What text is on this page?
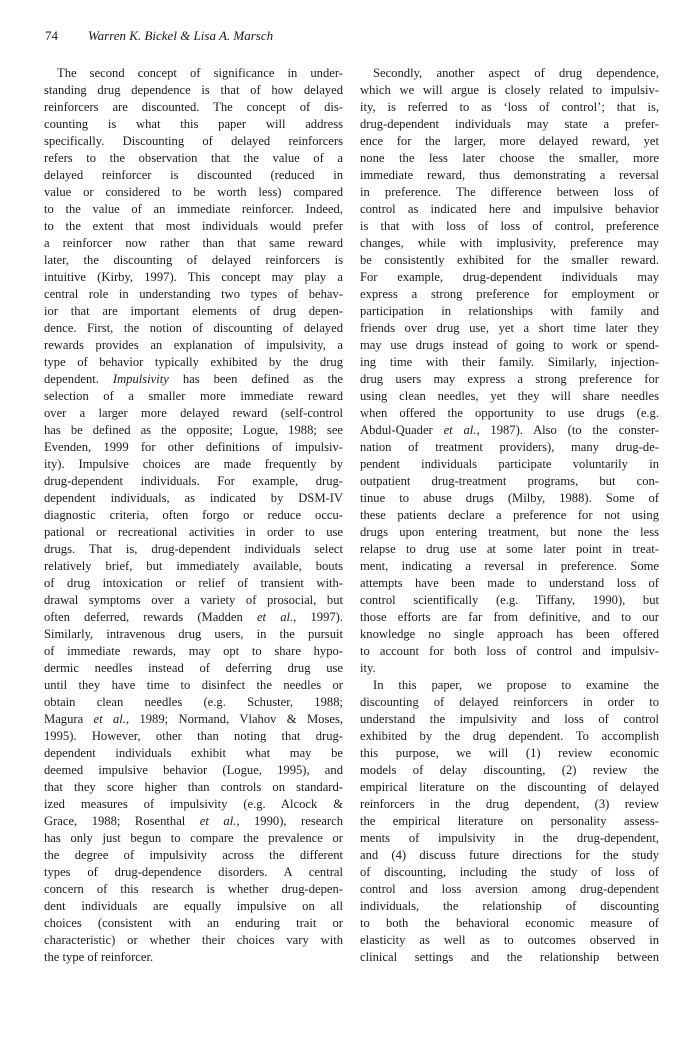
74 Warren K. Bickel & Lisa A. Marsch
The second concept of significance in under-
standing drug dependence is that of how delayed
reinforcers are discounted. The concept of dis-
counting is what this paper will address
specifically. Discounting of delayed reinforcers
refers to the observation that the value of a
delayed reinforcer is discounted (reduced in
value or considered to be worth less) compared
to the value of an immediate reinforcer. Indeed,
to the extent that most individuals would prefer
a reinforcer now rather than that same reward
later, the discounting of delayed reinforcers is
intuitive (Kirby, 1997). This concept may play a
central role in understanding two types of behav-
ior that are important elements of drug depen-
dence. First, the notion of discounting of delayed
rewards provides an explanation of impulsivity, a
type of behavior typically exhibited by the drug
dependent. Impulsivity has been defined as the
selection of a smaller more immediate reward
over a larger more delayed reward (self-control
has be defined as the opposite; Logue, 1988; see
Evenden, 1999 for other definitions of impulsiv-
ity). Impulsive choices are made frequently by
drug-dependent individuals. For example, drug-
dependent individuals, as indicated by DSM-IV
diagnostic criteria, often forgo or reduce occu-
pational or recreational activities in order to use
drugs. That is, drug-dependent individuals select
relatively brief, but immediately available, bouts
of drug intoxication or relief of transient with-
drawal symptoms over a variety of prosocial, but
often deferred, rewards (Madden et al., 1997).
Similarly, intravenous drug users, in the pursuit
of immediate rewards, may opt to share hypo-
dermic needles instead of deferring drug use
until they have time to disinfect the needles or
obtain clean needles (e.g. Schuster, 1988;
Magura et al., 1989; Normand, Vlahov & Moses,
1995). However, other than noting that drug-
dependent individuals exhibit what may be
deemed impulsive behavior (Logue, 1995), and
that they score higher than controls on standard-
ized measures of impulsivity (e.g. Alcock &
Grace, 1988; Rosenthal et al., 1990), research
has only just begun to compare the prevalence or
the degree of impulsivity across the different
types of drug-dependence disorders. A central
concern of this research is whether drug-depen-
dent individuals are equally impulsive on all
choices (consistent with an enduring trait or
characteristic) or whether their choices vary with
the type of reinforcer.
Secondly, another aspect of drug dependence,
which we will argue is closely related to impulsiv-
ity, is referred to as ‘loss of control’; that is,
drug-dependent individuals may state a prefer-
ence for the larger, more delayed reward, yet
none the less later choose the smaller, more
immediate reward, thus demonstrating a reversal
in preference. The difference between loss of
control as indicated here and impulsive behavior
is that with loss of loss of control, preference
changes, while with implusivity, preference may
be consistently exhibited for the smaller reward.
For example, drug-dependent individuals may
express a strong preference for employment or
participation in relationships with family and
friends over drug use, yet a short time later they
may use drugs instead of going to work or spend-
ing time with their family. Similarly, injection-
drug users may express a strong preference for
using clean needles, yet they will share needles
when offered the opportunity to use drugs (e.g.
Abdul-Quader et al., 1987). Also (to the conster-
nation of treatment providers), many drug-de-
pendent individuals participate voluntarily in
outpatient drug-treatment programs, but con-
tinue to abuse drugs (Milby, 1988). Some of
these patients declare a preference for not using
drugs upon entering treatment, but none the less
relapse to drug use at some later point in treat-
ment, indicating a reversal in preference. Some
attempts have been made to understand loss of
control scientifically (e.g. Tiffany, 1990), but
those efforts are far from definitive, and to our
knowledge no single approach has been offered
to account for both loss of control and impulsiv-
ity.
In this paper, we propose to examine the
discounting of delayed reinforcers in order to
understand the impulsivity and loss of control
exhibited by the drug dependent. To accomplish
this purpose, we will (1) review economic
models of delay discounting, (2) review the
empirical literature on the discounting of delayed
reinforcers in the drug dependent, (3) review
the empirical literature on personality assess-
ments of impulsivity in the drug-dependent,
and (4) discuss future directions for the study
of discounting, including the study of loss of
control and loss aversion among drug-dependent
individuals, the relationship of discounting
to both the behavioral economic measure of
elasticity as well as to outcomes observed in
clinical settings and the relationship between
